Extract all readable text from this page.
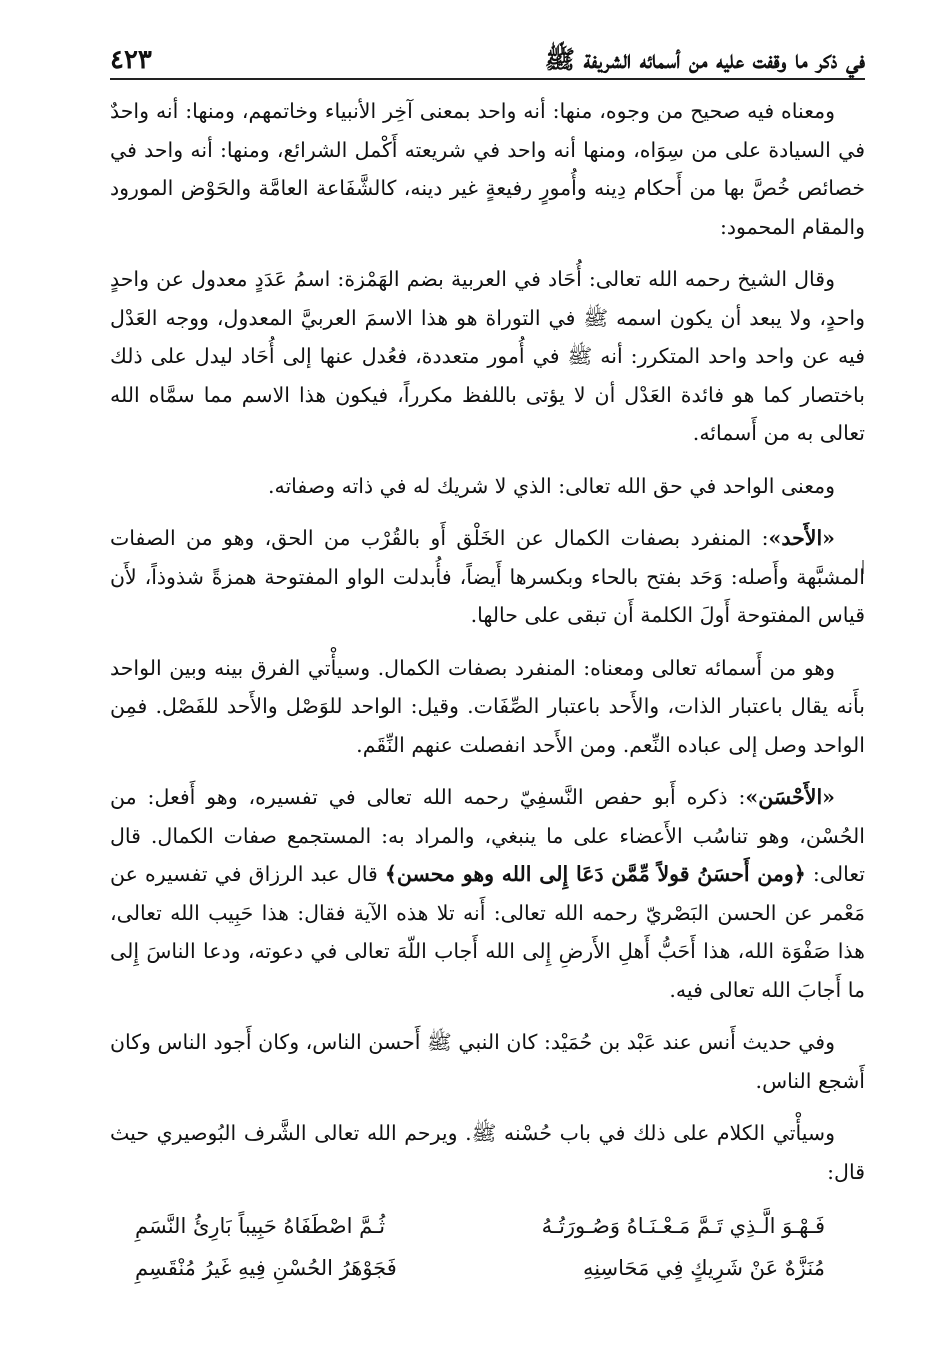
في ذكر ما وقفت عليه من أسمائه الشريفة ﷺ
٤٢٣

ومعناه فيه صحيح من وجوه، منها: أنه واحد بمعنى آخِر الأنبياء وخاتمهم، ومنها: أنه واحدٌ في السيادة على من سِوَاه، ومنها أنه واحد في شريعته أَكْمل الشرائع، ومنها: أنه واحد في خصائص خُصَّ بها من أَحكام دِينه وأُمورٍ رفيعةٍ غير دينه، كالشَّفَاعة العامَّة والحَوْض المورود والمقام المحمود:

وقال الشيخ رحمه الله تعالى: أُحَاد في العربية بضم الهَمْزة: اسمُ عَدَدٍ معدول عن واحدٍ واحدٍ، ولا يبعد أن يكون اسمه ﷺ في التوراة هو هذا الاسمَ العربيَّ المعدول، ووجه العَدْل فيه عن واحد واحد المتكرر: أنه ﷺ في أُمور متعددة، فعُدل عنها إلى أُحَاد ليدل على ذلك باختصار كما هو فائدة العَدْل أن لا يؤتى باللفظ مكرراً، فيكون هذا الاسم مما سمَّاه الله تعالى به من أَسمائه.

ومعنى الواحد في حق الله تعالى: الذي لا شريك له في ذاته وصفاته.

«الأَحد»: المنفرد بصفات الكمال عن الخَلْق أَو بالقُرْب من الحق، وهو من الصفات المشبَّهة وأَصله: وَحَد بفتح بالحاء وبكسرها أَيضاً، فأُبدلت الواو المفتوحة همزةً شذوذاً، لأَن قياس المفتوحة أَولَ الكلمة أَن تبقى على حالها.

وهو من أَسمائه تعالى ومعناه: المنفرد بصفات الكمال. وسيأْتي الفرق بينه وبين الواحد بأَنه يقال باعتبار الذات، والأَحد باعتبار الصِّفَات. وقيل: الواحد للوَصْل والأَحد للفَصْل. فمِن الواحد وصل إلى عباده النِّعم. ومن الأَحد انفصلت عنهم النِّقَم.

«الأَحْسَن»: ذكره أَبو حفص النَّسفِيّ رحمه الله تعالى في تفسيره، وهو أَفعل: من الحُسْن، وهو تناسُب الأَعضاء على ما ينبغي، والمراد به: المستجمع صفات الكمال. قال تعالى: ﴿ومن أَحسَنُ قولاً مِّمَّن دَعَا إِلى الله وهو محسن﴾ قال عبد الرزاق في تفسيره عن مَعْمر عن الحسن البَصْريّ رحمه الله تعالى: أَنه تلا هذه الآية فقال: هذا حَبِيب الله تعالى، هذا صَفْوَة الله، هذا أَحَبُّ أَهلِ الأَرضِ إِلى الله أَجاب اللّهَ تعالى في دعوته، ودعا الناسَ إِلى ما أَجابَ الله تعالى فيه.

وفي حديث أَنس عند عَبْد بن حُمَيْد: كان النبي ﷺ أَحسن الناس، وكان أَجود الناس وكان أَشجع الناس.

وسيأْتي الكلام على ذلك في باب حُسْنه ﷺ. ويرحم الله تعالى الشَّرف البُوصيري حيث قال:

فَـهْـوَ الَّـذِي تَـمَّ مَـعْـنَـاهُ وَصُـورَتُـهُ
ثُـمَّ اصْطَفَاهُ حَبِيباً بَارِئُ النَّسَمِ
مُنَزَّهٌ عَنْ شَرِيكٍ فِي مَحَاسِنِهِ
فَجَوْهَرُ الحُسْنِ فِيهِ غَيرُ مُنْقَسِمِ
